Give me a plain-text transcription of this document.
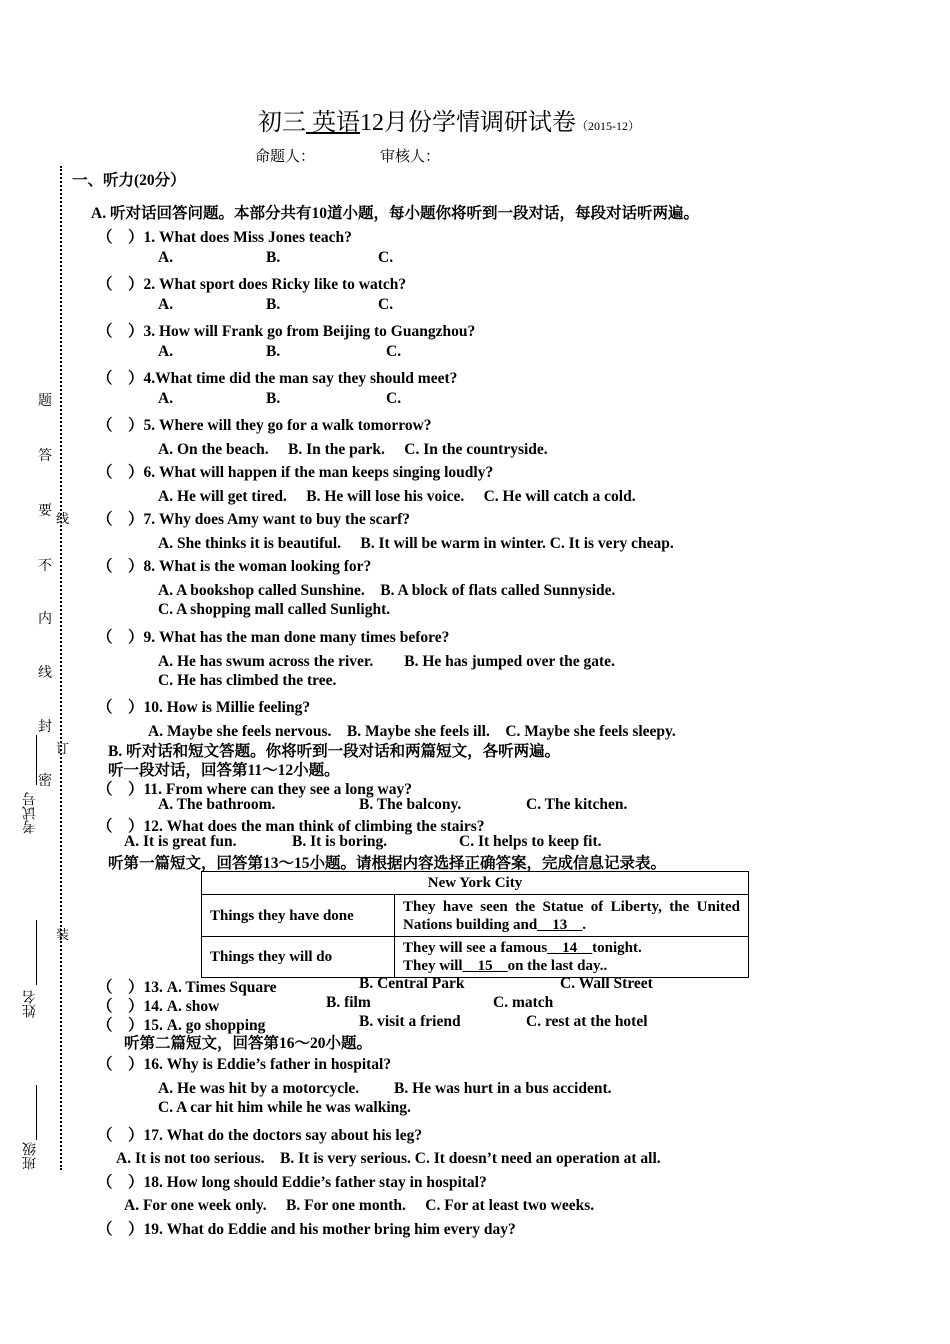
初三 英语12月份学情调研试卷（2015-12）
命题人：	审核人：
题
答
要
不
内
线
封
密
线
订
装
考试号
姓名
班级
一、听力(20分）
A. 听对话回答问题。本部分共有10道小题，每小题你将听到一段对话，每段对话听两遍。
（　）1. What does Miss Jones teach?
A.	B.	C.
（　）2. What sport does Ricky like to watch?
A.	B.	C.
（　）3. How will Frank go from Beijing to Guangzhou?
A.	B.	C.
（　）4.What time did the man say they should meet?
A.	B.	C.
（　）5. Where will they go for a walk tomorrow?
A. On the beach.　 B. In the park.　 C. In the countryside.
（　）6. What will happen if the man keeps singing loudly?
A. He will get tired.　 B. He will lose his voice.　 C. He will catch a cold.
（　）7. Why does Amy want to buy the scarf?
A. She thinks it is beautiful.　 B. It will be warm in winter. C. It is very cheap.
（　）8. What is the woman looking for?
A. A bookshop called Sunshine.　B. A block of flats called Sunnyside.
C. A shopping mall called Sunlight.
（　）9. What has the man done many times before?
A. He has swum across the river.　　B. He has jumped over the gate.
C. He has climbed the tree.
（　）10. How is Millie feeling?
A. Maybe she feels nervous.　B. Maybe she feels ill.　C. Maybe she feels sleepy.
B. 听对话和短文答题。你将听到一段对话和两篇短文，各听两遍。
听一段对话，回答第11～12小题。
（　）11. From where can they see a long way?
A. The bathroom.	B. The balcony.	C. The kitchen.
（　）12. What does the man think of climbing the stairs?
A. It is great fun.	B. It is boring.	C. It helps to keep fit.
听第一篇短文，回答第13～15小题。请根据内容选择正确答案，完成信息记录表。
New York City	
Things they have done	They have seen the Statue of Liberty, the United Nations building and__13__.
Things they will do	They will see a famous__14__tonight.
They will__15__on the last day..
（　）13. A. Times Square	B. Central Park	C. Wall Street
（　）14. A. show	B. film	C. match
（　）15. A. go shopping	B. visit a friend	C. rest at the hotel
听第二篇短文，回答第16～20小题。
（　）16. Why is Eddie’s father in hospital?
A. He was hit by a motorcycle.　　 B. He was hurt in a bus accident.
C. A car hit him while he was walking.
（　）17. What do the doctors say about his leg?
A. It is not too serious.　B. It is very serious. C. It doesn’t need an operation at all.
（　）18. How long should Eddie’s father stay in hospital?
A. For one week only.　 B. For one month.　 C. For at least two weeks.
（　）19. What do Eddie and his mother bring him every day?
